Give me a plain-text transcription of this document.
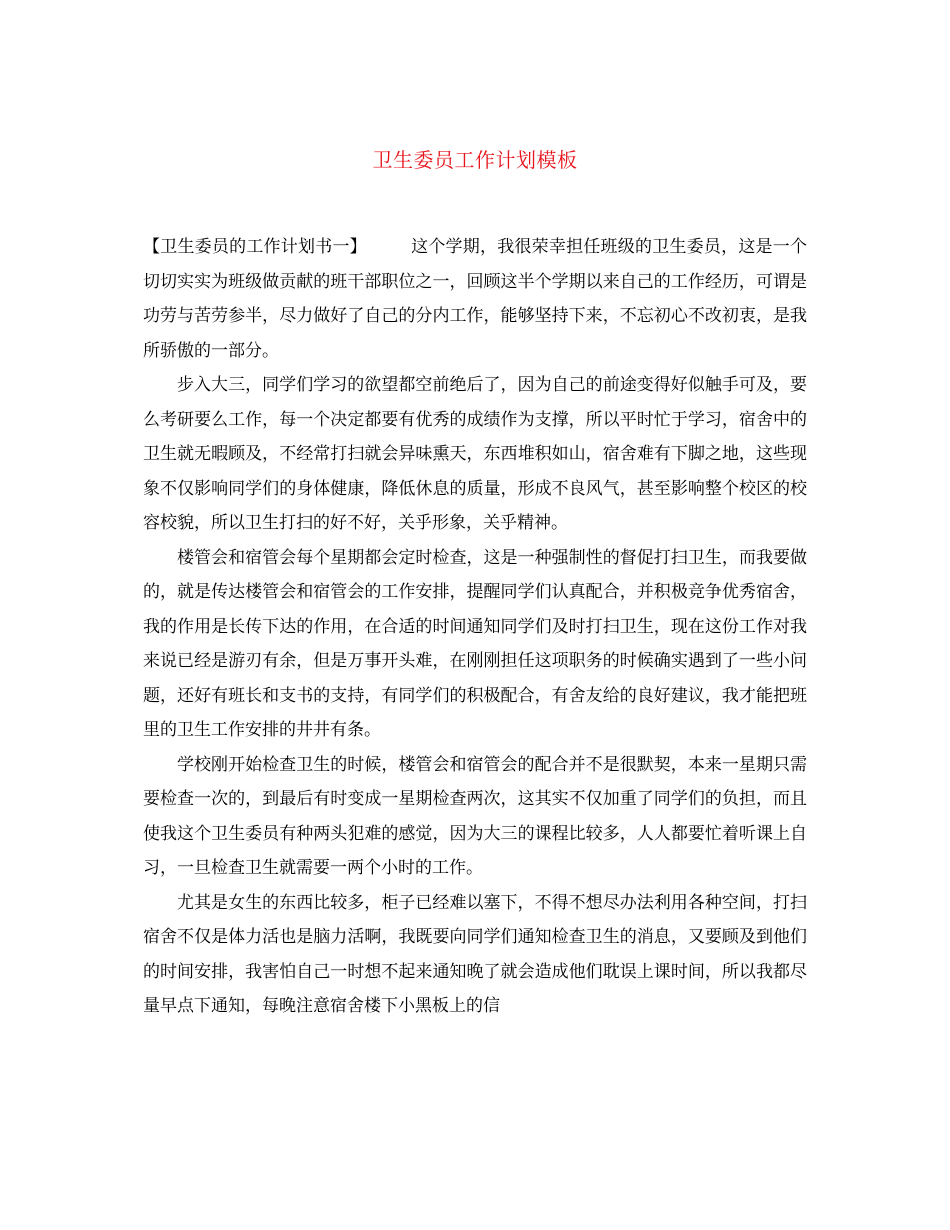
卫生委员工作计划模板

【卫生委员的工作计划书一】	这个学期，我很荣幸担任班级的卫生委员，这是一个切切实实为班级做贡献的班干部职位之一，回顾这半个学期以来自己的工作经历，可谓是功劳与苦劳参半，尽力做好了自己的分内工作，能够坚持下来，不忘初心不改初衷，是我所骄傲的一部分。

步入大三，同学们学习的欲望都空前绝后了，因为自己的前途变得好似触手可及，要么考研要么工作，每一个决定都要有优秀的成绩作为支撑，所以平时忙于学习，宿舍中的卫生就无暇顾及，不经常打扫就会异味熏天，东西堆积如山，宿舍难有下脚之地，这些现象不仅影响同学们的身体健康，降低休息的质量，形成不良风气，甚至影响整个校区的校容校貌，所以卫生打扫的好不好，关乎形象，关乎精神。

楼管会和宿管会每个星期都会定时检查，这是一种强制性的督促打扫卫生，而我要做的，就是传达楼管会和宿管会的工作安排，提醒同学们认真配合，并积极竞争优秀宿舍，我的作用是长传下达的作用，在合适的时间通知同学们及时打扫卫生，现在这份工作对我来说已经是游刃有余，但是万事开头难，在刚刚担任这项职务的时候确实遇到了一些小问题，还好有班长和支书的支持，有同学们的积极配合，有舍友给的良好建议，我才能把班里的卫生工作安排的井井有条。

学校刚开始检查卫生的时候，楼管会和宿管会的配合并不是很默契，本来一星期只需要检查一次的，到最后有时变成一星期检查两次，这其实不仅加重了同学们的负担，而且使我这个卫生委员有种两头犯难的感觉，因为大三的课程比较多，人人都要忙着听课上自习，一旦检查卫生就需要一两个小时的工作。

尤其是女生的东西比较多，柜子已经难以塞下，不得不想尽办法利用各种空间，打扫宿舍不仅是体力活也是脑力活啊，我既要向同学们通知检查卫生的消息，又要顾及到他们的时间安排，我害怕自己一时想不起来通知晚了就会造成他们耽误上课时间，所以我都尽量早点下通知，每晚注意宿舍楼下小黑板上的信
